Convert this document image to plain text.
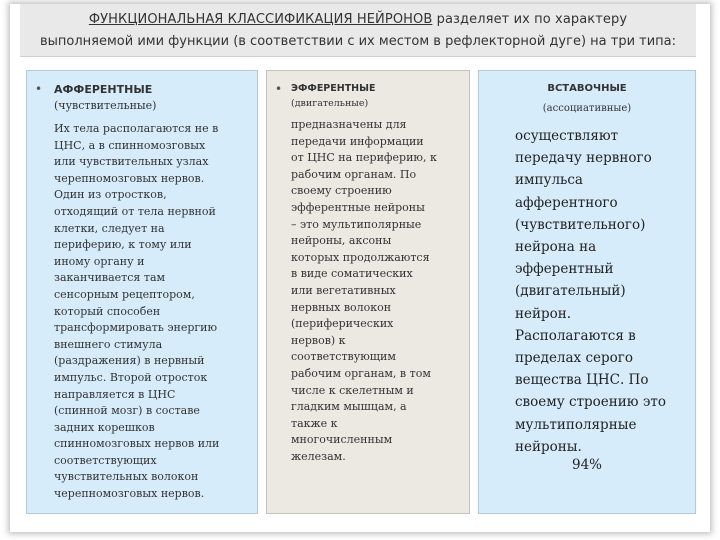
ФУНКЦИОНАЛЬНАЯ КЛАССИФИКАЦИЯ НЕЙРОНОВ разделяет их по характеру
выполняемой ими функции (в соответствии с их местом в рефлекторной дуге) на три типа:
• АФФЕРЕНТНЫЕ
(чувствительные)
Их тела располагаются не в
ЦНС, а в спинномозговых
или чувствительных узлах
черепномозговых нервов.
Один из отростков,
отходящий от тела нервной
клетки, следует на
периферию, к тому или
иному органу и
заканчивается там
сенсорным рецептором,
который способен
трансформировать энергию
внешнего стимула
(раздражения) в нервный
импульс. Второй отросток
направляется в ЦНС
(спинной мозг) в составе
задних корешков
спинномозговых нервов или
соответствующих
чувствительных волокон
черепномозговых нервов.
• ЭФФЕРЕНТНЫЕ
(двигательные)
предназначены для
передачи информации
от ЦНС на периферию, к
рабочим органам. По
своему строению
эфферентные нейроны
– это мультиполярные
нейроны, аксоны
которых продолжаются
в виде соматических
или вегетативных
нервных волокон
(периферических
нервов) к
соответствующим
рабочим органам, в том
числе к скелетным и
гладким мышцам, а
также к
многочисленным
железам.
ВСТАВОЧНЫЕ
(ассоциативные)
осуществляют
передачу нервного
импульса
афферентного
(чувствительного)
нейрона на
эфферентный
(двигательный)
нейрон.
Располагаются в
пределах серого
вещества ЦНС. По
своему строению это
мультиполярные
нейроны.
94%
